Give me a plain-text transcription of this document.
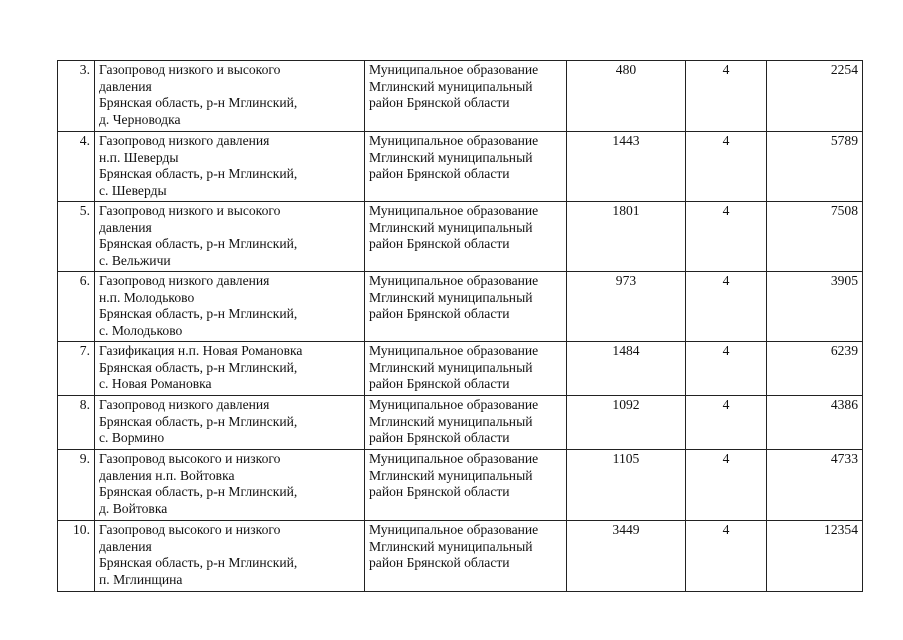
3.	Газопровод низкого и высокого
давления
Брянская область, р-н Мглинский,
д. Черноводка	Муниципальное образование
Мглинский муниципальный
район Брянской области	480	4	2254
4.	Газопровод низкого давления
н.п. Шеверды
Брянская область, р-н Мглинский,
с. Шеверды	Муниципальное образование
Мглинский муниципальный
район Брянской области	1443	4	5789
5.	Газопровод низкого и высокого
давления
Брянская область, р-н Мглинский,
с. Вельжичи	Муниципальное образование
Мглинский муниципальный
район Брянской области	1801	4	7508
6.	Газопровод низкого давления
н.п. Молодьково
Брянская область, р-н Мглинский,
с. Молодьково	Муниципальное образование
Мглинский муниципальный
район Брянской области	973	4	3905
7.	Газификация н.п. Новая Романовка
Брянская область, р-н Мглинский,
с. Новая Романовка	Муниципальное образование
Мглинский муниципальный
район Брянской области	1484	4	6239
8.	Газопровод низкого давления
Брянская область, р-н Мглинский,
с. Вормино	Муниципальное образование
Мглинский муниципальный
район Брянской области	1092	4	4386
9.	Газопровод высокого и низкого
давления н.п. Войтовка
Брянская область, р-н Мглинский,
д. Войтовка	Муниципальное образование
Мглинский муниципальный
район Брянской области	1105	4	4733
10.	Газопровод высокого и низкого
давления
Брянская область, р-н Мглинский,
п. Мглинщина	Муниципальное образование
Мглинский муниципальный
район Брянской области	3449	4	12354
